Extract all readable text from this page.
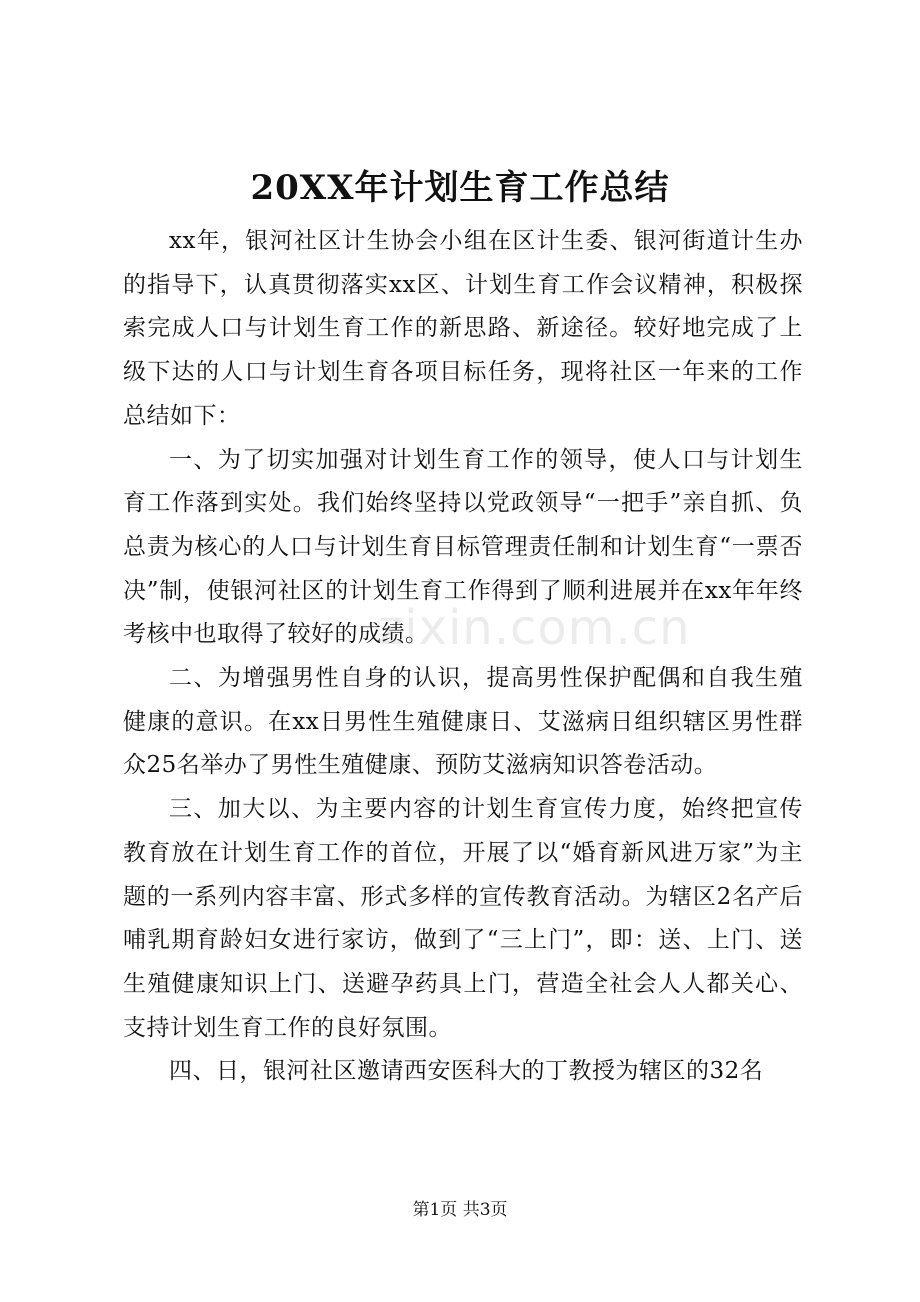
20XX年计划生育工作总结

xx年，银河社区计生协会小组在区计生委、银河街道计生办的指导下，认真贯彻落实xx区、计划生育工作会议精神，积极探索完成人口与计划生育工作的新思路、新途径。较好地完成了上级下达的人口与计划生育各项目标任务，现将社区一年来的工作总结如下：

一、为了切实加强对计划生育工作的领导，使人口与计划生育工作落到实处。我们始终坚持以党政领导“一把手”亲自抓、负总责为核心的人口与计划生育目标管理责任制和计划生育“一票否决”制，使银河社区的计划生育工作得到了顺利进展并在xx年年终考核中也取得了较好的成绩。

二、为增强男性自身的认识，提高男性保护配偶和自我生殖健康的意识。在xx日男性生殖健康日、艾滋病日组织辖区男性群众25名举办了男性生殖健康、预防艾滋病知识答卷活动。

三、加大以、为主要内容的计划生育宣传力度，始终把宣传教育放在计划生育工作的首位，开展了以“婚育新风进万家”为主题的一系列内容丰富、形式多样的宣传教育活动。为辖区2名产后哺乳期育龄妇女进行家访，做到了“三上门”，即：送、上门、送生殖健康知识上门、送避孕药具上门，营造全社会人人都关心、支持计划生育工作的良好氛围。

四、日，银河社区邀请西安医科大的丁教授为辖区的32名

zixin.com.cn
第1页 共3页
